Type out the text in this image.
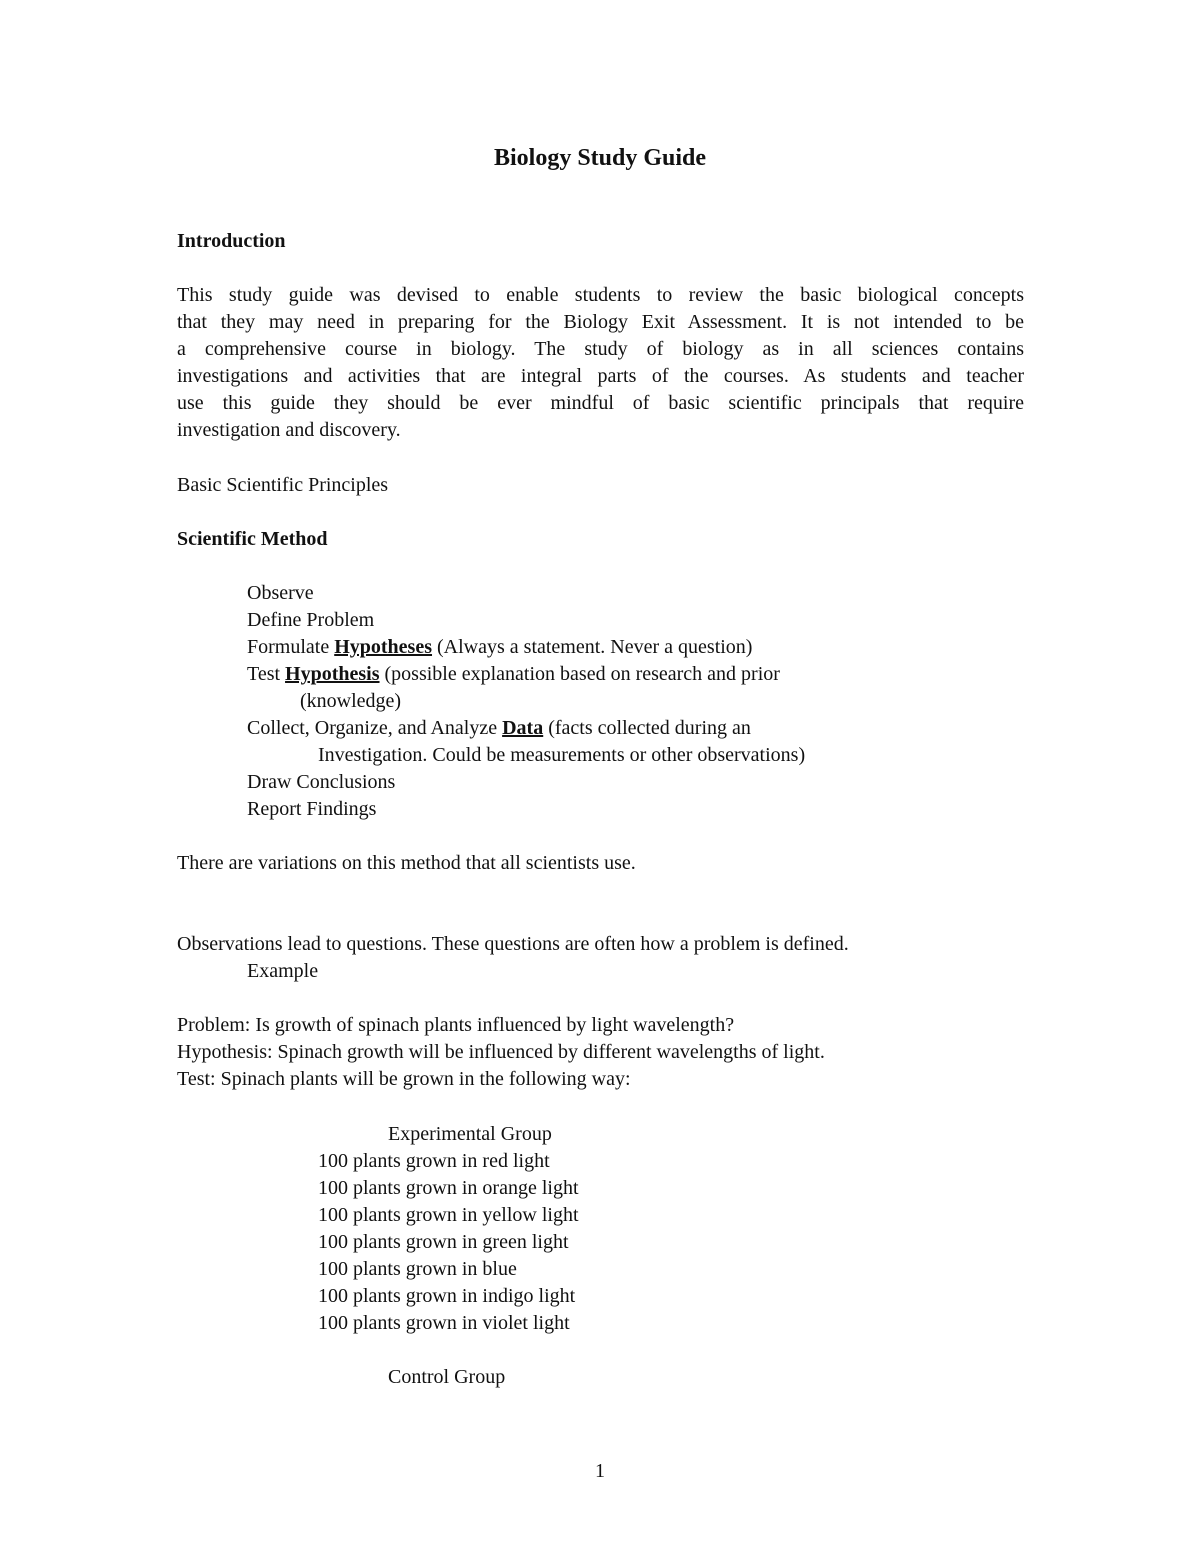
Biology Study Guide
Introduction
This study guide was devised to enable students to review the basic biological concepts
that they may need in preparing for the Biology Exit Assessment. It is not intended to be
a comprehensive course in biology. The study of biology as in all sciences contains
investigations and activities that are integral parts of the courses. As students and teacher
use this guide they should be ever mindful of basic scientific principals that require
investigation and discovery.
Basic Scientific Principles
Scientific Method
Observe
Define Problem
Formulate Hypotheses (Always a statement. Never a question)
Test Hypothesis (possible explanation based on research and prior
(knowledge)
Collect, Organize, and Analyze Data (facts collected during an
Investigation. Could be measurements or other observations)
Draw Conclusions
Report Findings
There are variations on this method that all scientists use.
Observations lead to questions. These questions are often how a problem is defined.
Example
Problem: Is growth of spinach plants influenced by light wavelength?
Hypothesis: Spinach growth will be influenced by different wavelengths of light.
Test: Spinach plants will be grown in the following way:
Experimental Group
100 plants grown in red light
100 plants grown in orange light
100 plants grown in yellow light
100 plants grown in green light
100 plants grown in blue
100 plants grown in indigo light
100 plants grown in violet light
Control Group
1
